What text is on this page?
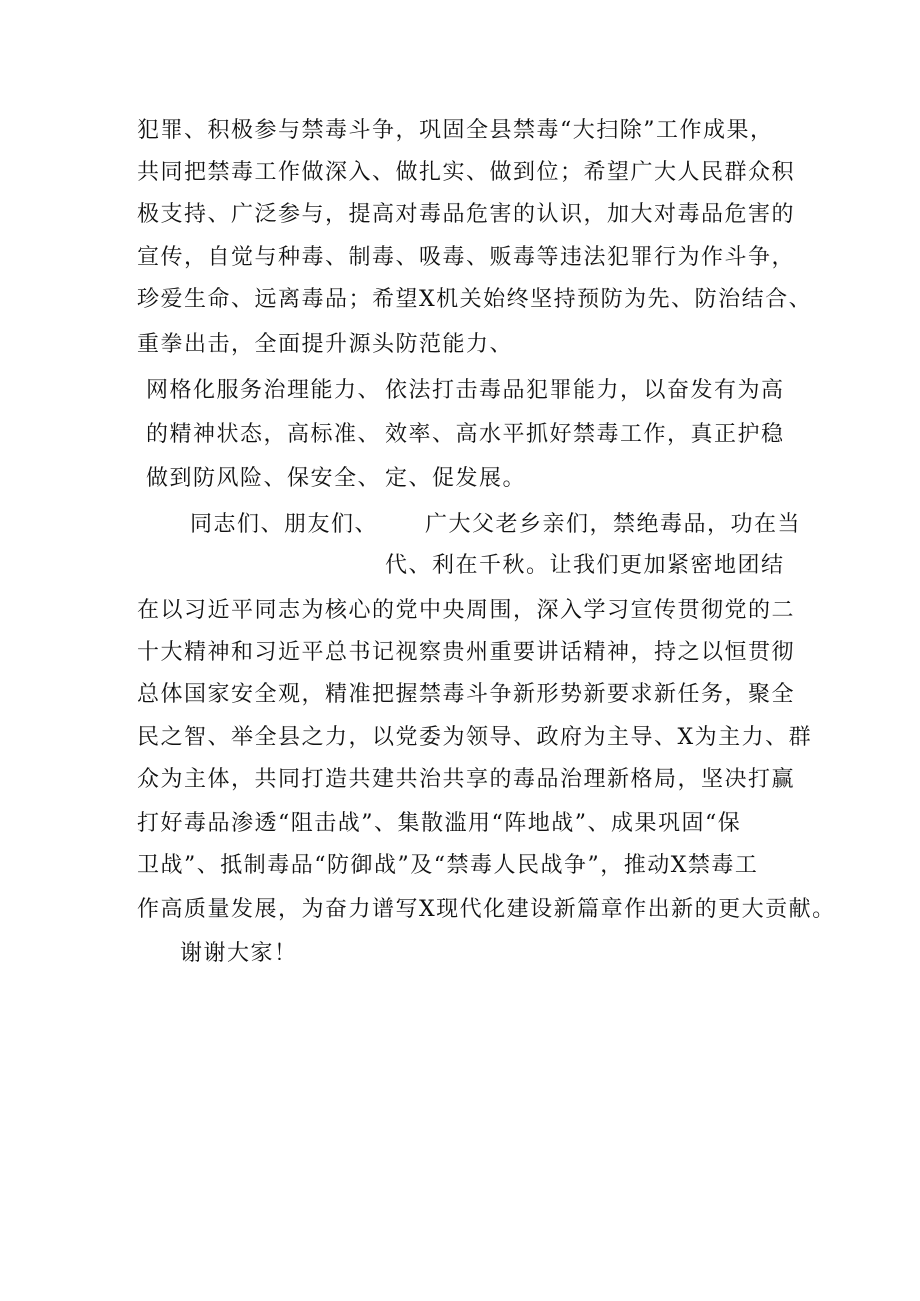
犯罪、积极参与禁毒斗争，巩固全县禁毒“大扫除”工作成果，
共同把禁毒工作做深入、做扎实、做到位；希望广大人民群众积
极支持、广泛参与，提高对毒品危害的认识，加大对毒品危害的
宣传，自觉与种毒、制毒、吸毒、贩毒等违法犯罪行为作斗争，
珍爱生命、远离毒品；希望X机关始终坚持预防为先、防治结合、
重拳出击，全面提升源头防范能力、
网格化服务治理能力、 依法打击毒品犯罪能力，以奋发有为高
的精神状态，高标准、 效率、高水平抓好禁毒工作，真正护稳
做到防风险、保安全、 定、促发展。
同志们、朋友们、 广大父老乡亲们，禁绝毒品，功在当
代、利在千秋。让我们更加紧密地团结
在以习近平同志为核心的党中央周围，深入学习宣传贯彻党的二
十大精神和习近平总书记视察贵州重要讲话精神，持之以恒贯彻
总体国家安全观，精准把握禁毒斗争新形势新要求新任务，聚全
民之智、举全县之力，以党委为领导、政府为主导、X为主力、群
众为主体，共同打造共建共治共享的毒品治理新格局，坚决打赢
打好毒品渗透“阻击战”、集散滥用“阵地战”、成果巩固“保
卫战”、抵制毒品“防御战”及“禁毒人民战争”，推动X禁毒工
作高质量发展，为奋力谱写X现代化建设新篇章作出新的更大贡献。
谢谢大家！
